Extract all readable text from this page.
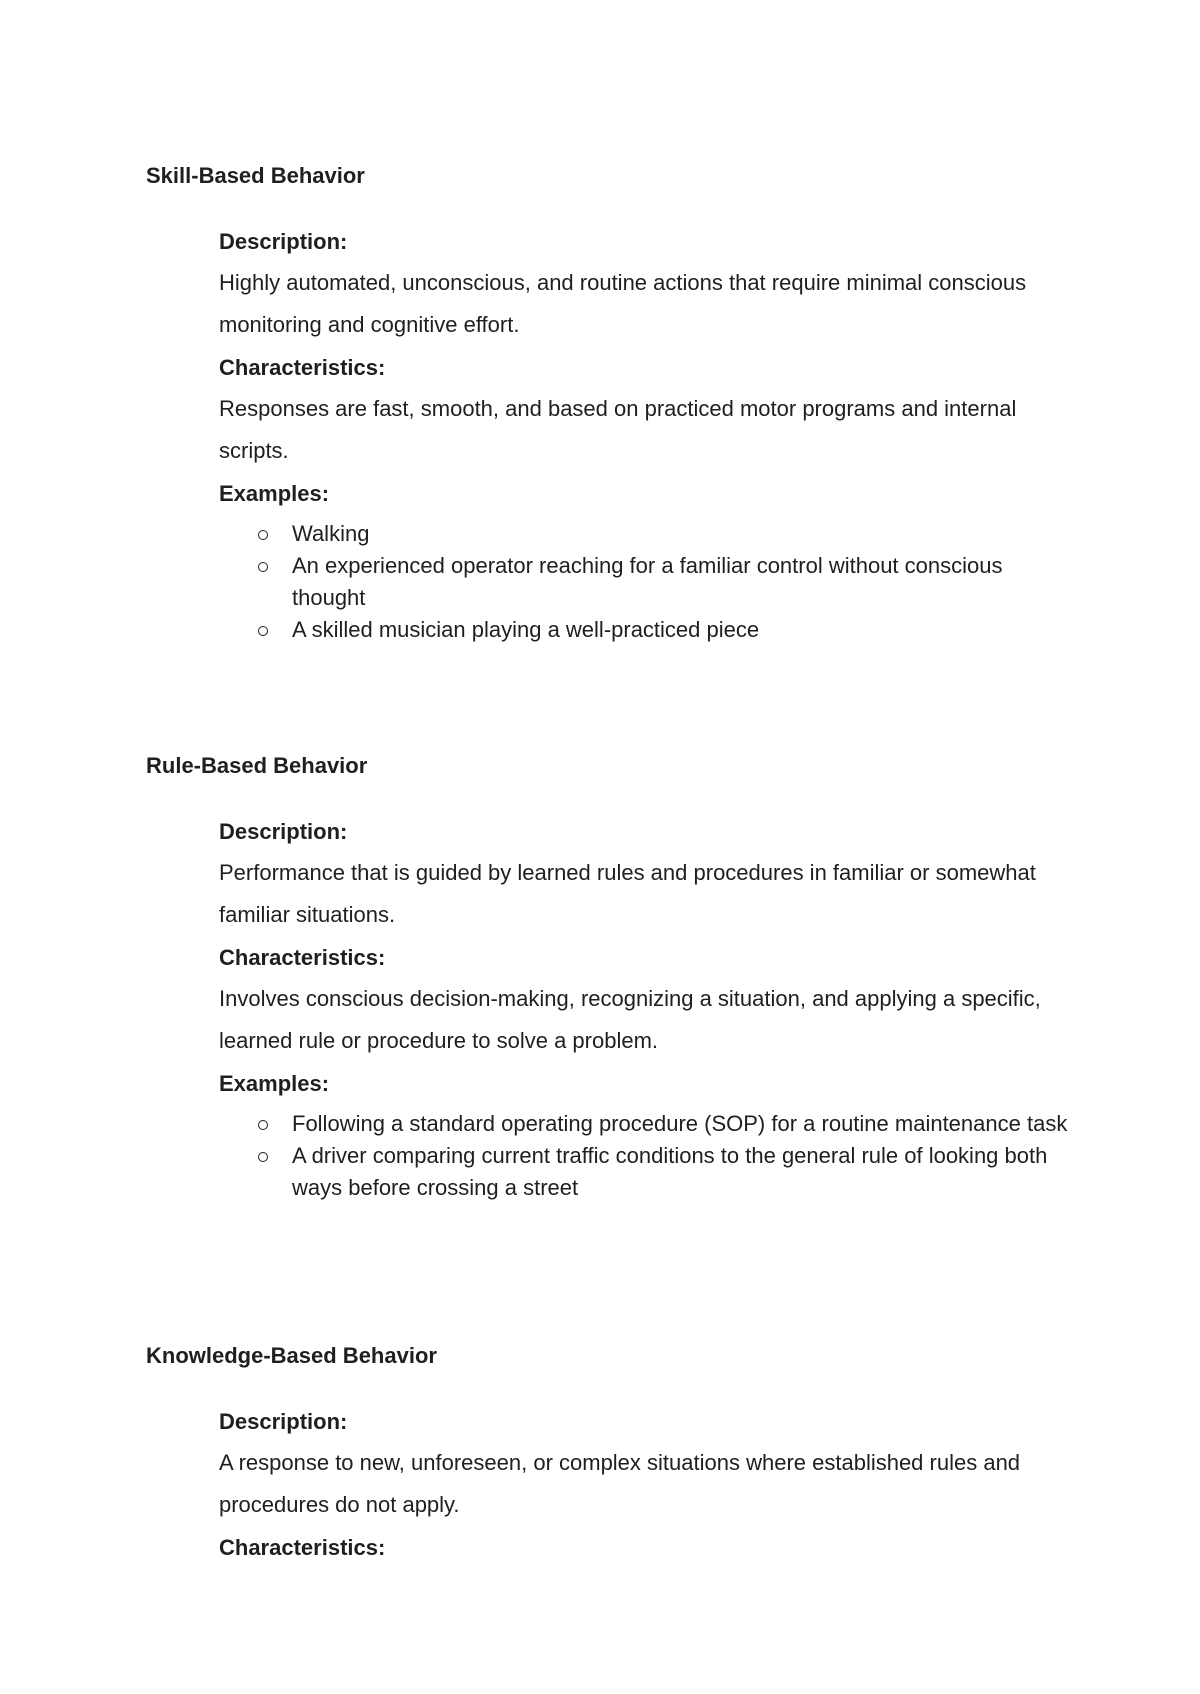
Skill-Based Behavior
Description:

Highly automated, unconscious, and routine actions that require minimal conscious monitoring and cognitive effort.

Characteristics:

Responses are fast, smooth, and based on practiced motor programs and internal scripts.

Examples:
Walking
An experienced operator reaching for a familiar control without conscious thought
A skilled musician playing a well-practiced piece
Rule-Based Behavior
Description:

Performance that is guided by learned rules and procedures in familiar or somewhat familiar situations.

Characteristics:

Involves conscious decision-making, recognizing a situation, and applying a specific, learned rule or procedure to solve a problem.

Examples:
Following a standard operating procedure (SOP) for a routine maintenance task
A driver comparing current traffic conditions to the general rule of looking both ways before crossing a street
Knowledge-Based Behavior
Description:

A response to new, unforeseen, or complex situations where established rules and procedures do not apply.

Characteristics:
